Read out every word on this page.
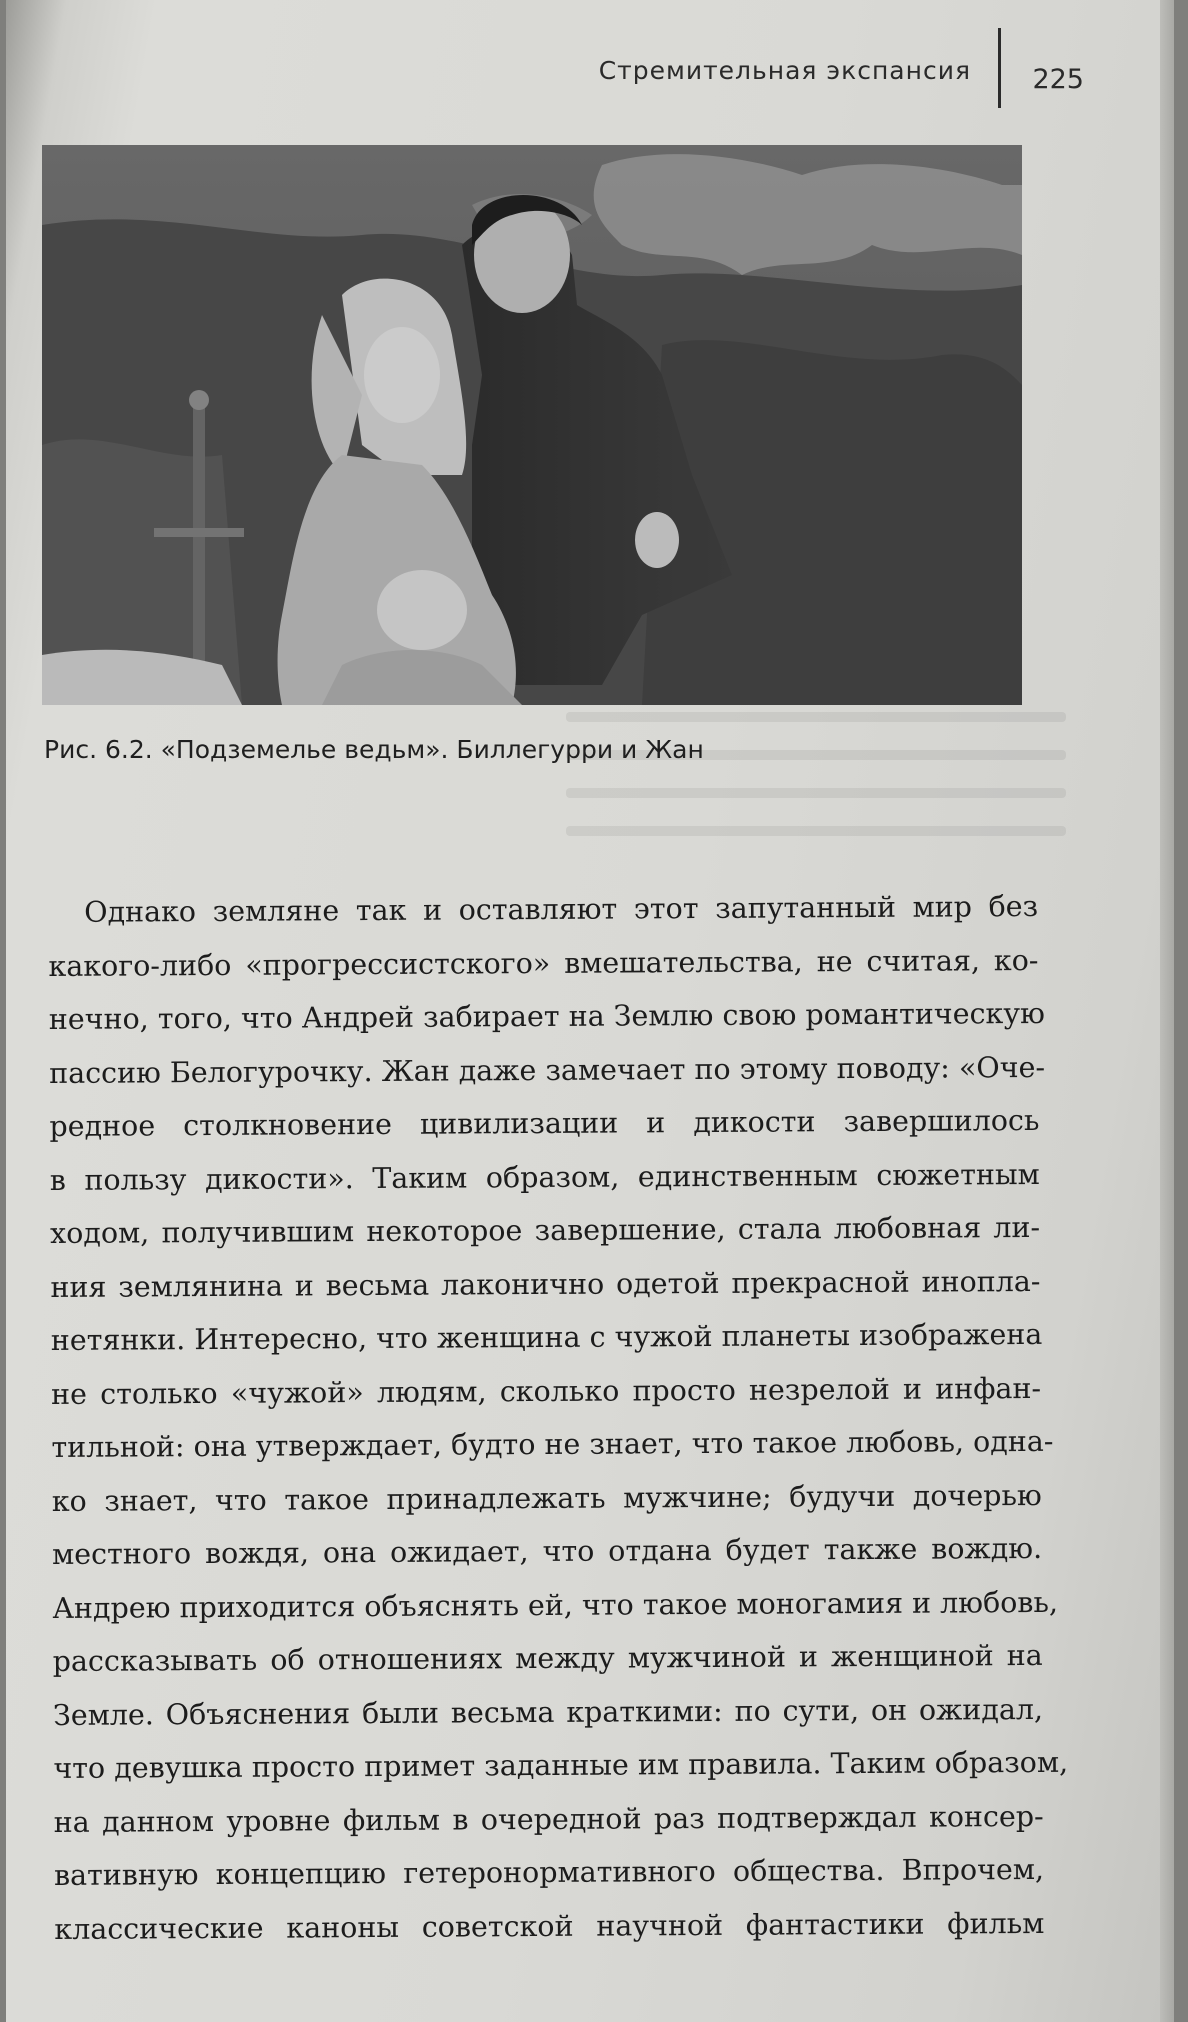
Стремительная экспансия 225
Рис. 6.2. «Подземелье ведьм». Биллегурри и Жан
Однако земляне так и оставляют этот запутанный мир без
какого-либо «прогрессистского» вмешательства, не считая, ко-
нечно, того, что Андрей забирает на Землю свою романтическую
пассию Белогурочку. Жан даже замечает по этому поводу: «Оче-
редное столкновение цивилизации и дикости завершилось
в пользу дикости». Таким образом, единственным сюжетным
ходом, получившим некоторое завершение, стала любовная ли-
ния землянина и весьма лаконично одетой прекрасной инопла-
нетянки. Интересно, что женщина с чужой планеты изображена
не столько «чужой» людям, сколько просто незрелой и инфан-
тильной: она утверждает, будто не знает, что такое любовь, одна-
ко знает, что такое принадлежать мужчине; будучи дочерью
местного вождя, она ожидает, что отдана будет также вождю.
Андрею приходится объяснять ей, что такое моногамия и любовь,
рассказывать об отношениях между мужчиной и женщиной на
Земле. Объяснения были весьма краткими: по сути, он ожидал,
что девушка просто примет заданные им правила. Таким образом,
на данном уровне фильм в очередной раз подтверждал консер-
вативную концепцию гетеронормативного общества. Впрочем,
классические каноны советской научной фантастики фильм
